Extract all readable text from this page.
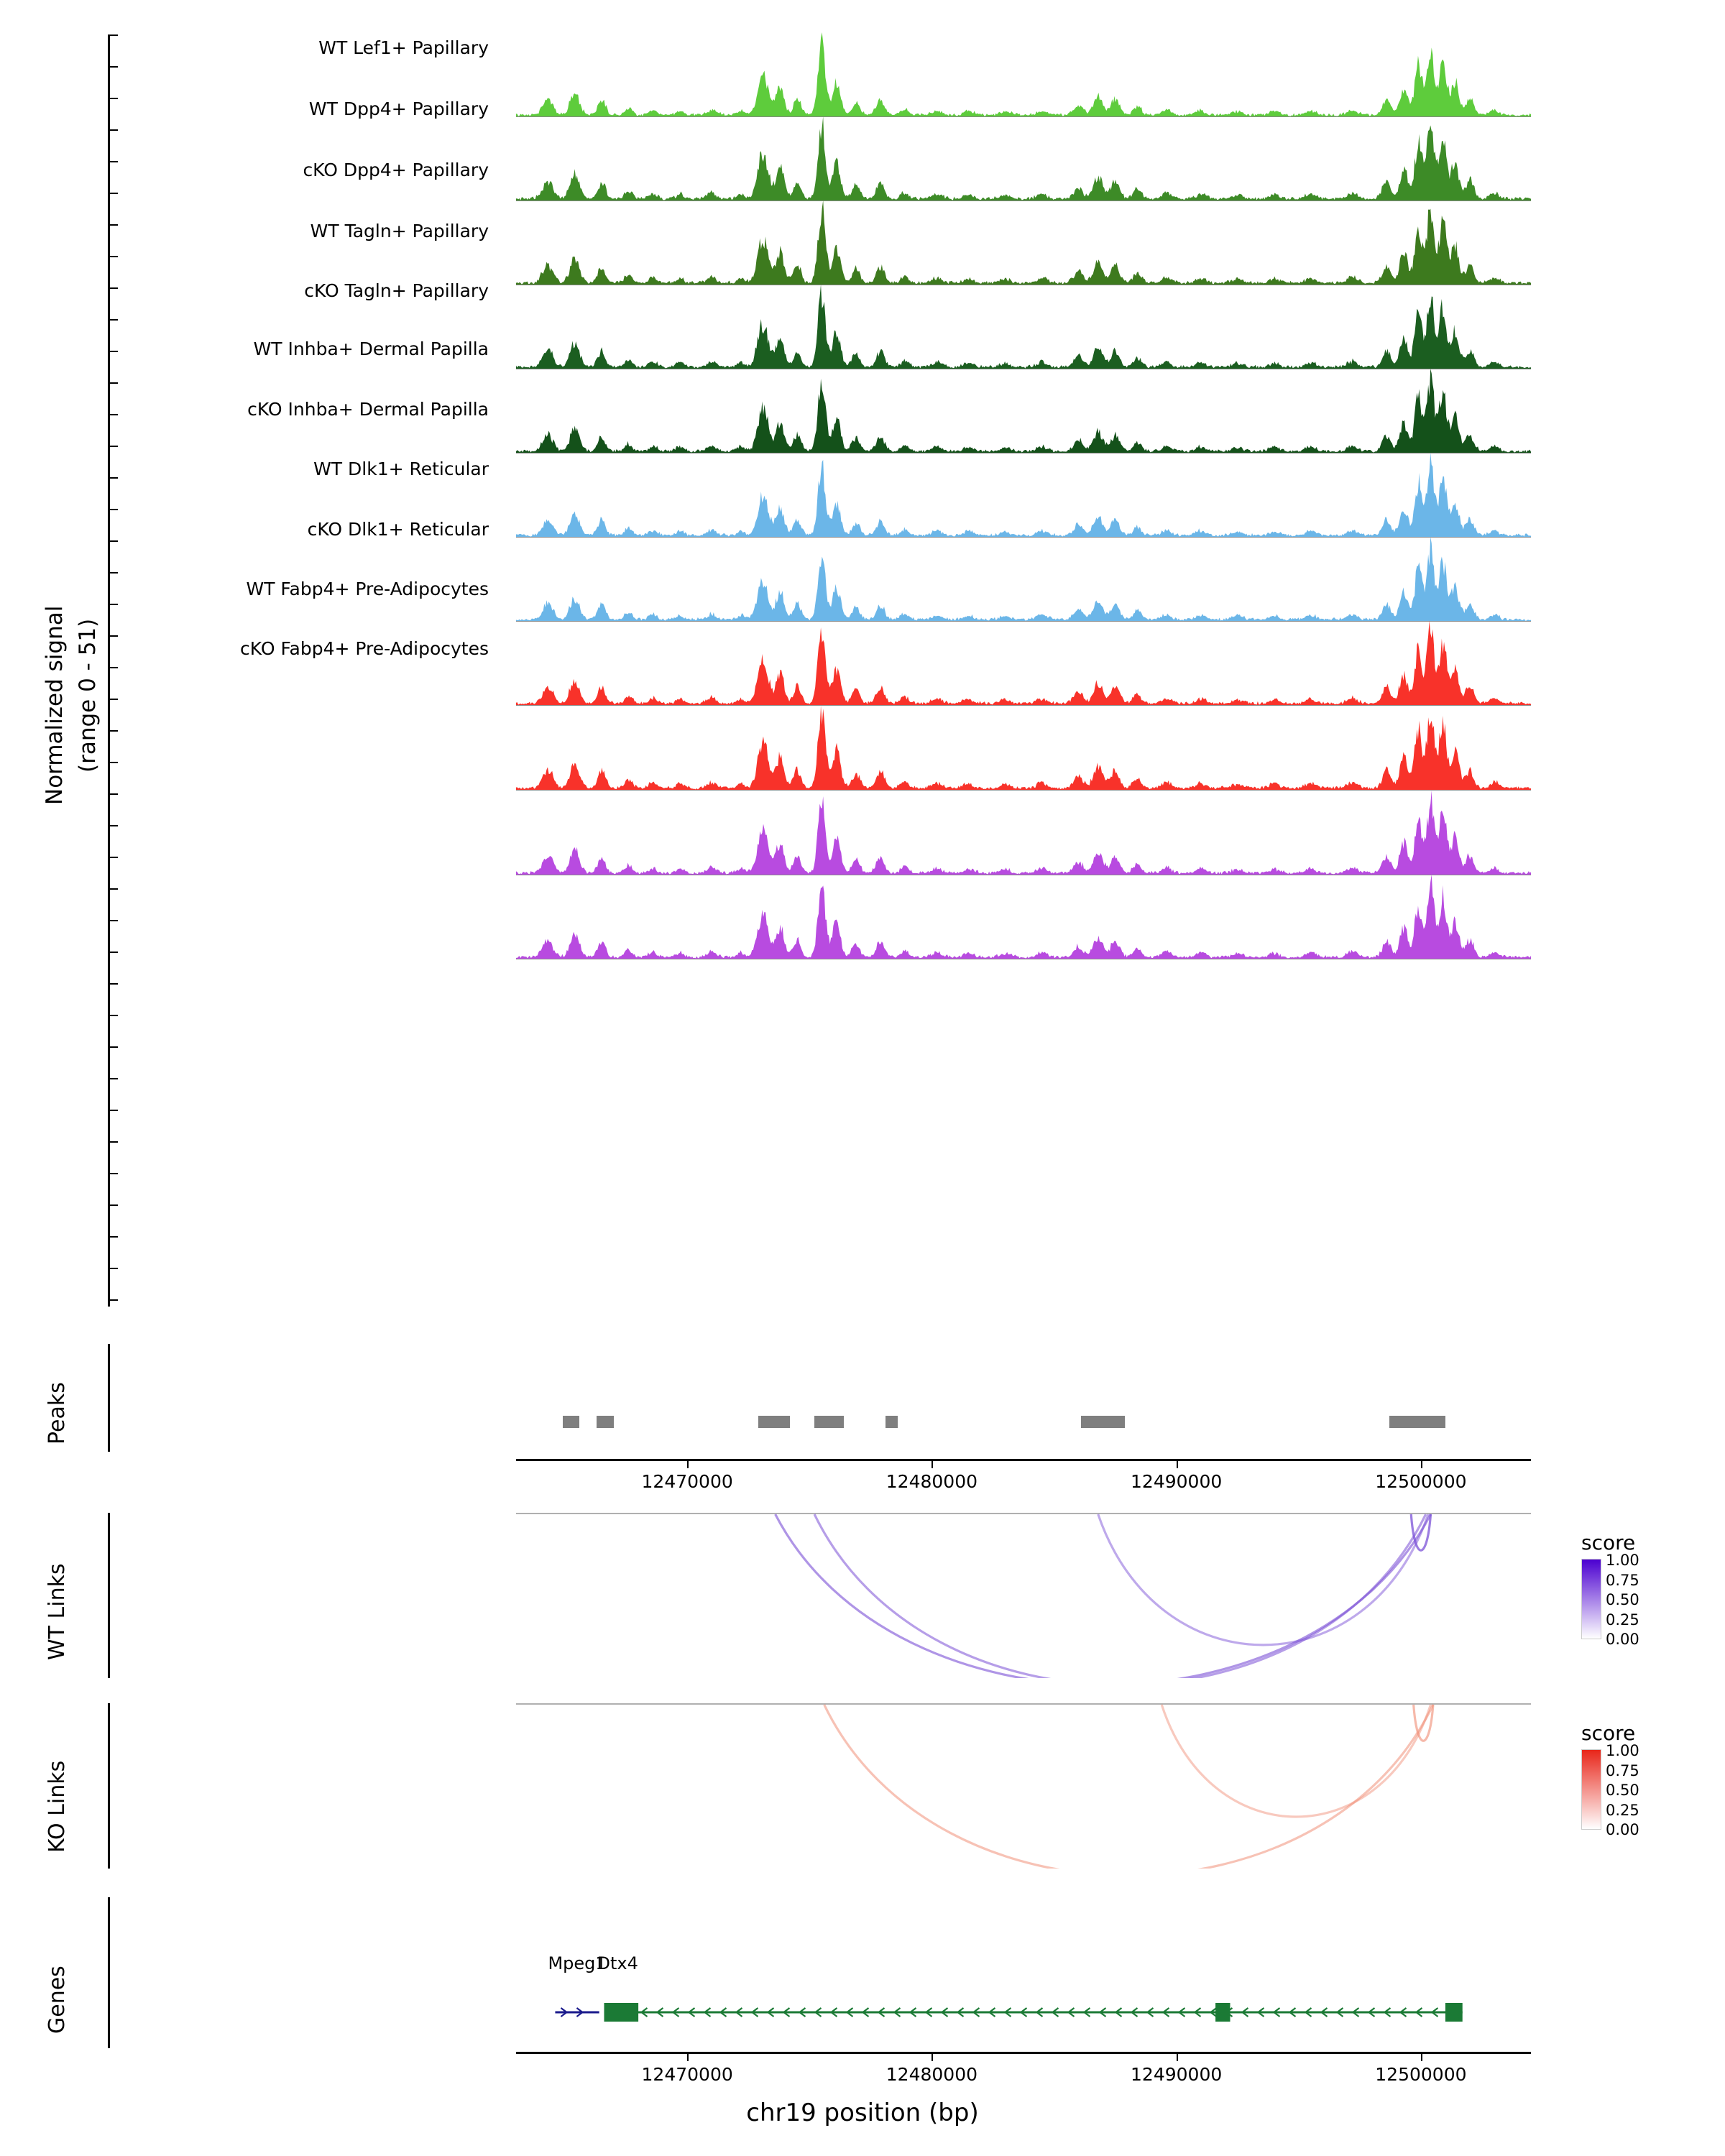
Normalized signal (range 0 - 51)
WT Lef1+ Papillary
WT Dpp4+ Papillary
cKO Dpp4+ Papillary
WT Tagln+ Papillary
cKO Tagln+ Papillary
WT Inhba+ Dermal Papilla
cKO Inhba+ Dermal Papilla
WT Dlk1+ Reticular
cKO Dlk1+ Reticular
WT Fabp4+ Pre-Adipocytes
cKO Fabp4+ Pre-Adipocytes
Peaks
12470000	12480000	12490000	12500000
WT Links
score
1.00
0.75
0.50
0.25
0.00
KO Links
score
1.00
0.75
0.50
0.25
0.00
Genes
Mpeg1
Dtx4
12470000	12480000	12490000	12500000
chr19 position (bp)
